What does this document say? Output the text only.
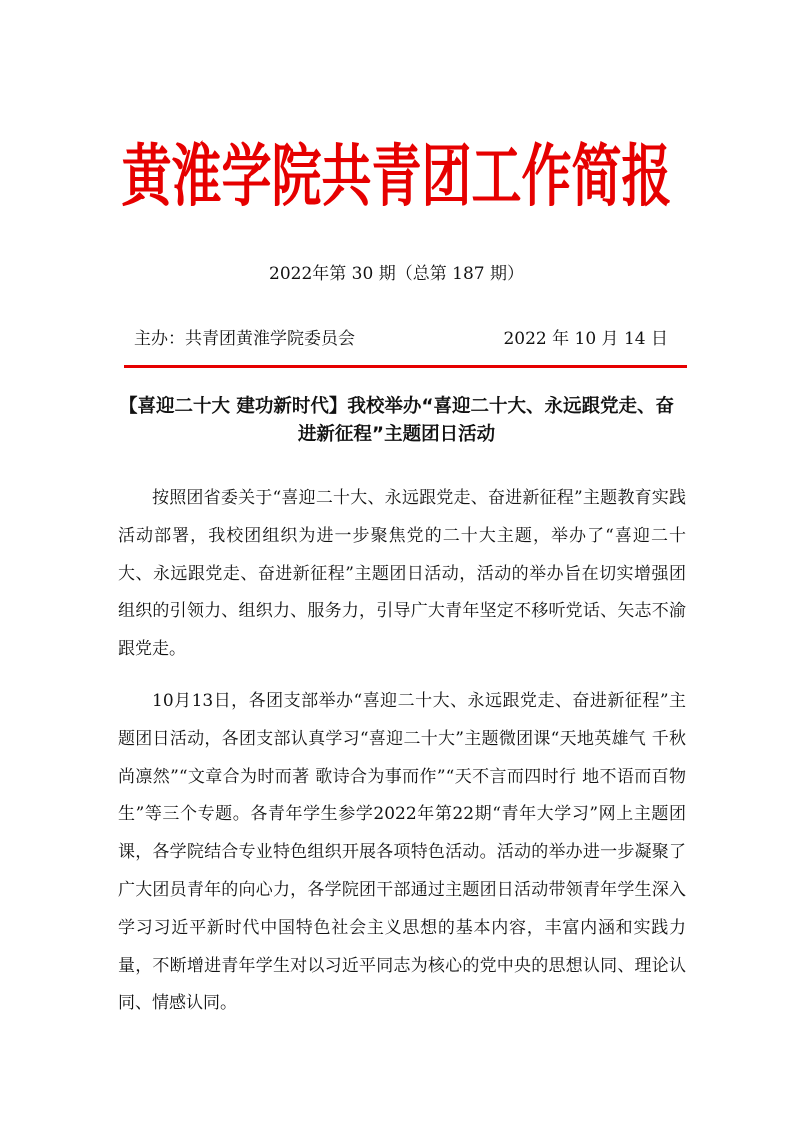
黄淮学院共青团工作简报
2022年第 30 期（总第 187 期）
主办：共青团黄淮学院委员会	2022 年 10 月 14 日
【喜迎二十大 建功新时代】我校举办“喜迎二十大、永远跟党走、奋进新征程”主题团日活动

按照团省委关于“喜迎二十大、永远跟党走、奋进新征程”主题教育实践活动部署，我校团组织为进一步聚焦党的二十大主题，举办了“喜迎二十大、永远跟党走、奋进新征程”主题团日活动，活动的举办旨在切实增强团组织的引领力、组织力、服务力，引导广大青年坚定不移听党话、矢志不渝跟党走。

10月13日，各团支部举办“喜迎二十大、永远跟党走、奋进新征程”主题团日活动，各团支部认真学习“喜迎二十大”主题微团课“天地英雄气 千秋尚凛然”“文章合为时而著 歌诗合为事而作”“天不言而四时行 地不语而百物生”等三个专题。各青年学生参学2022年第22期“青年大学习”网上主题团课，各学院结合专业特色组织开展各项特色活动。活动的举办进一步凝聚了广大团员青年的向心力，各学院团干部通过主题团日活动带领青年学生深入学习习近平新时代中国特色社会主义思想的基本内容，丰富内涵和实践力量，不断增进青年学生对以习近平同志为核心的党中央的思想认同、理论认同、情感认同。
